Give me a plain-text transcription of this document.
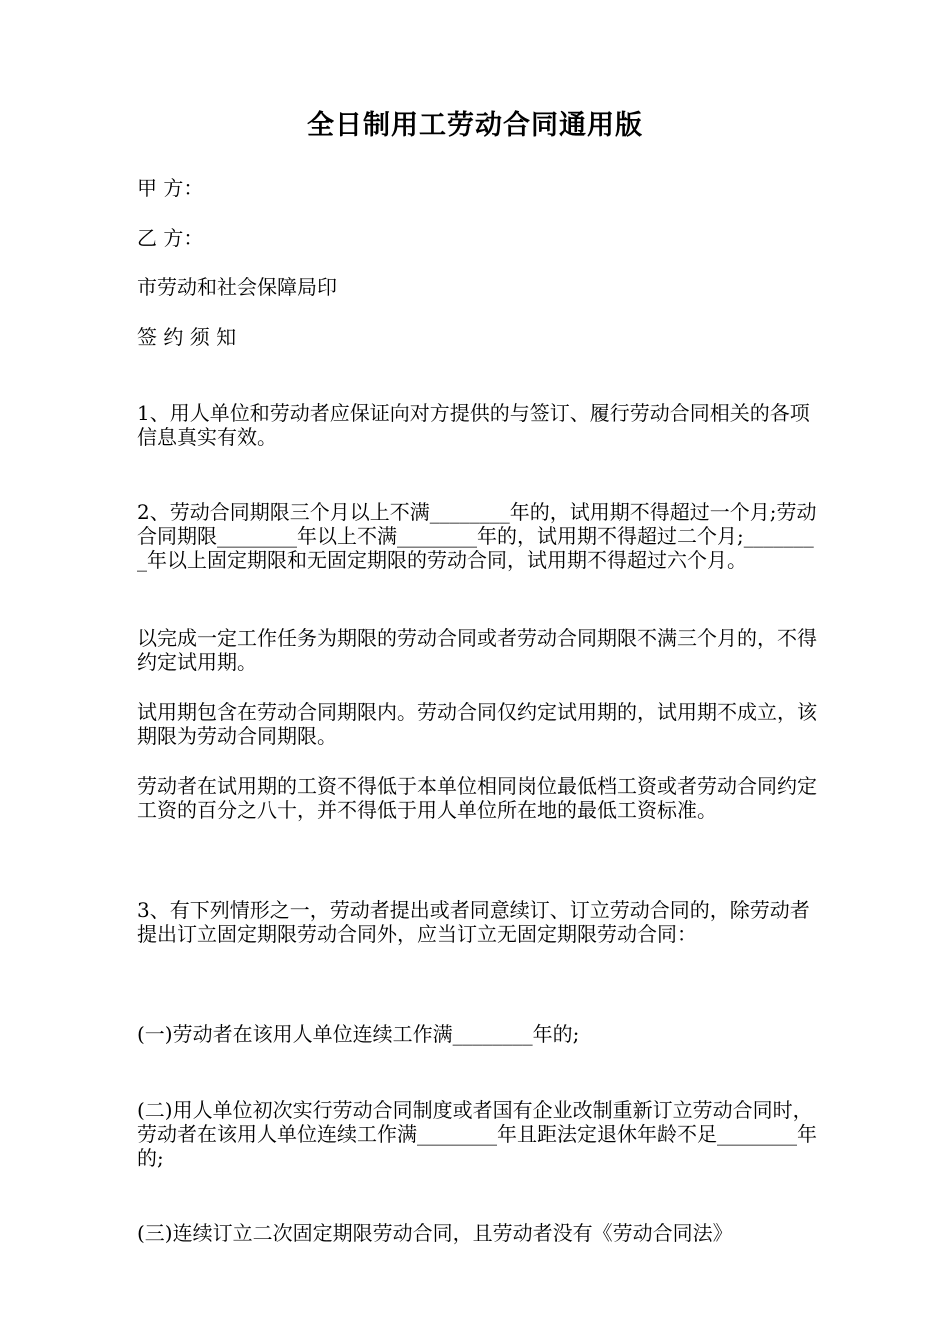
全日制用工劳动合同通用版
甲 方：
乙 方：
市劳动和社会保障局印
签 约 须 知
1、用人单位和劳动者应保证向对方提供的与签订、履行劳动合同相关的各项信息真实有效。
2、劳动合同期限三个月以上不满________年的，试用期不得超过一个月;劳动合同期限________年以上不满________年的，试用期不得超过二个月;________年以上固定期限和无固定期限的劳动合同，试用期不得超过六个月。
以完成一定工作任务为期限的劳动合同或者劳动合同期限不满三个月的，不得约定试用期。
试用期包含在劳动合同期限内。劳动合同仅约定试用期的，试用期不成立，该期限为劳动合同期限。
劳动者在试用期的工资不得低于本单位相同岗位最低档工资或者劳动合同约定工资的百分之八十，并不得低于用人单位所在地的最低工资标准。
3、有下列情形之一，劳动者提出或者同意续订、订立劳动合同的，除劳动者提出订立固定期限劳动合同外，应当订立无固定期限劳动合同：
(一)劳动者在该用人单位连续工作满________年的;
(二)用人单位初次实行劳动合同制度或者国有企业改制重新订立劳动合同时，劳动者在该用人单位连续工作满________年且距法定退休年龄不足________年的;
(三)连续订立二次固定期限劳动合同，且劳动者没有《劳动合同法》
